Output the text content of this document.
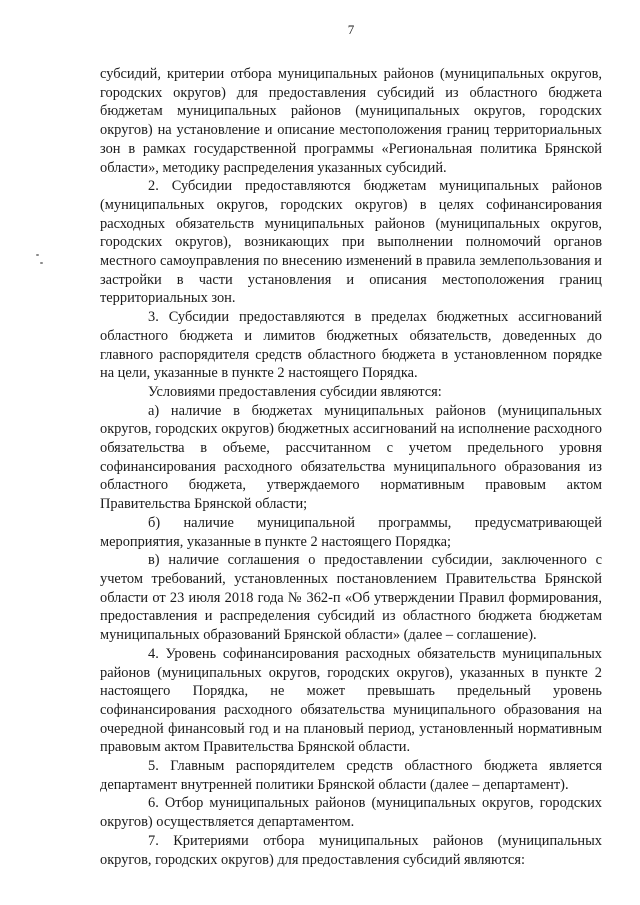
7

субсидий, критерии отбора муниципальных районов (муниципальных округов, городских округов) для предоставления субсидий из областного бюджета бюджетам муниципальных районов (муниципальных округов, городских округов) на установление и описание местоположения границ территориальных зон в рамках государственной программы «Региональная политика Брянской области», методику распределения указанных субсидий.

2. Субсидии предоставляются бюджетам муниципальных районов (муниципальных округов, городских округов) в целях софинансирования расходных обязательств муниципальных районов (муниципальных округов, городских округов), возникающих при выполнении полномочий органов местного самоуправления по внесению изменений в правила землепользования и застройки в части установления и описания местоположения границ территориальных зон.

3. Субсидии предоставляются в пределах бюджетных ассигнований областного бюджета и лимитов бюджетных обязательств, доведенных до главного распорядителя средств областного бюджета в установленном порядке на цели, указанные в пункте 2 настоящего Порядка.

Условиями предоставления субсидии являются:

а) наличие в бюджетах муниципальных районов (муниципальных округов, городских округов) бюджетных ассигнований на исполнение расходного обязательства в объеме, рассчитанном с учетом предельного уровня софинансирования расходного обязательства муниципального образования из областного бюджета, утверждаемого нормативным правовым актом Правительства Брянской области;

б) наличие муниципальной программы, предусматривающей мероприятия, указанные в пункте 2 настоящего Порядка;

в) наличие соглашения о предоставлении субсидии, заключенного с учетом требований, установленных постановлением Правительства Брянской области от 23 июля 2018 года № 362-п «Об утверждении Правил формирования, предоставления и распределения субсидий из областного бюджета бюджетам муниципальных образований Брянской области» (далее – соглашение).

4. Уровень софинансирования расходных обязательств муниципальных районов (муниципальных округов, городских округов), указанных в пункте 2 настоящего Порядка, не может превышать предельный уровень софинансирования расходного обязательства муниципального образования на очередной финансовый год и на плановый период, установленный нормативным правовым актом Правительства Брянской области.

5. Главным распорядителем средств областного бюджета является департамент внутренней политики Брянской области (далее – департамент).

6. Отбор муниципальных районов (муниципальных округов, городских округов) осуществляется департаментом.

7. Критериями отбора муниципальных районов (муниципальных округов, городских округов) для предоставления субсидий являются:
